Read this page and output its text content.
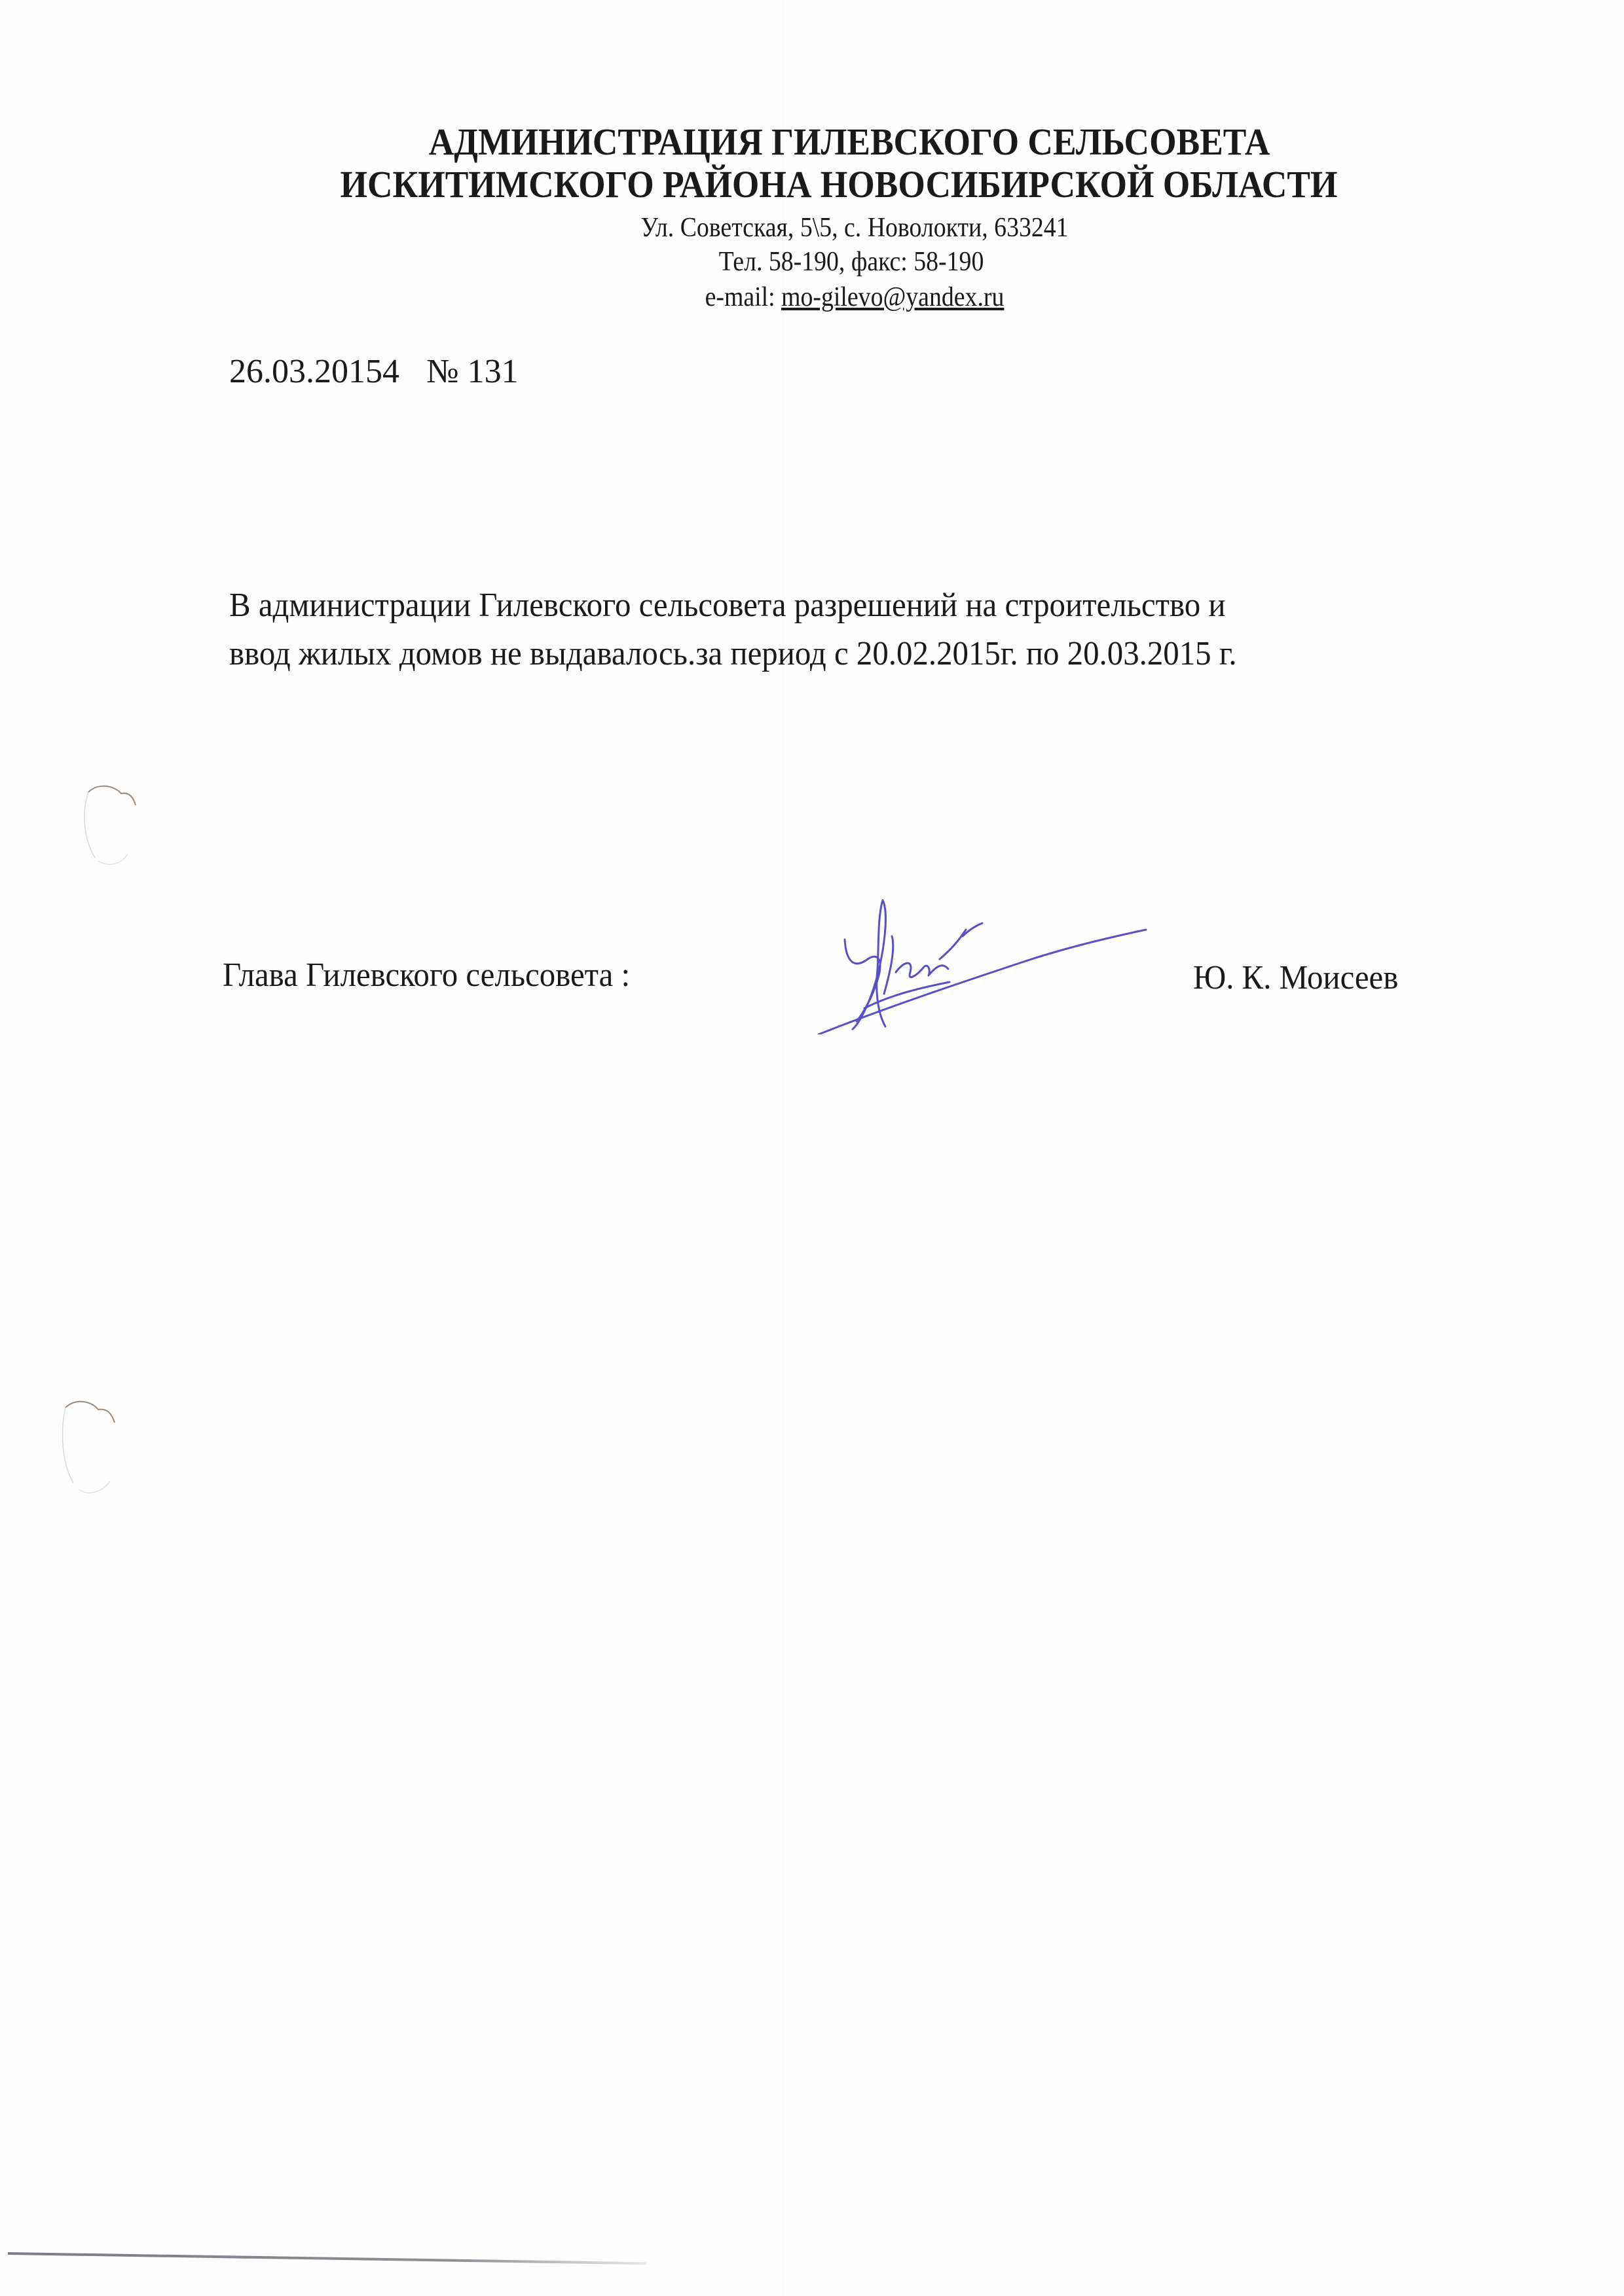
АДМИНИСТРАЦИЯ ГИЛЕВСКОГО СЕЛЬСОВЕТА
ИСКИТИМСКОГО РАЙОНА НОВОСИБИРСКОЙ ОБЛАСТИ
Ул. Советская, 5\5, с. Новолокти, 633241
Тел. 58-190, факс: 58-190
e-mail: mo-gilevo@yandex.ru
26.03.20154 № 131
В администрации Гилевского сельсовета разрешений на строительство и
ввод жилых домов не выдавалось.за период с 20.02.2015г. по 20.03.2015 г.
Глава Гилевского сельсовета :	Ю. К. Моисеев
